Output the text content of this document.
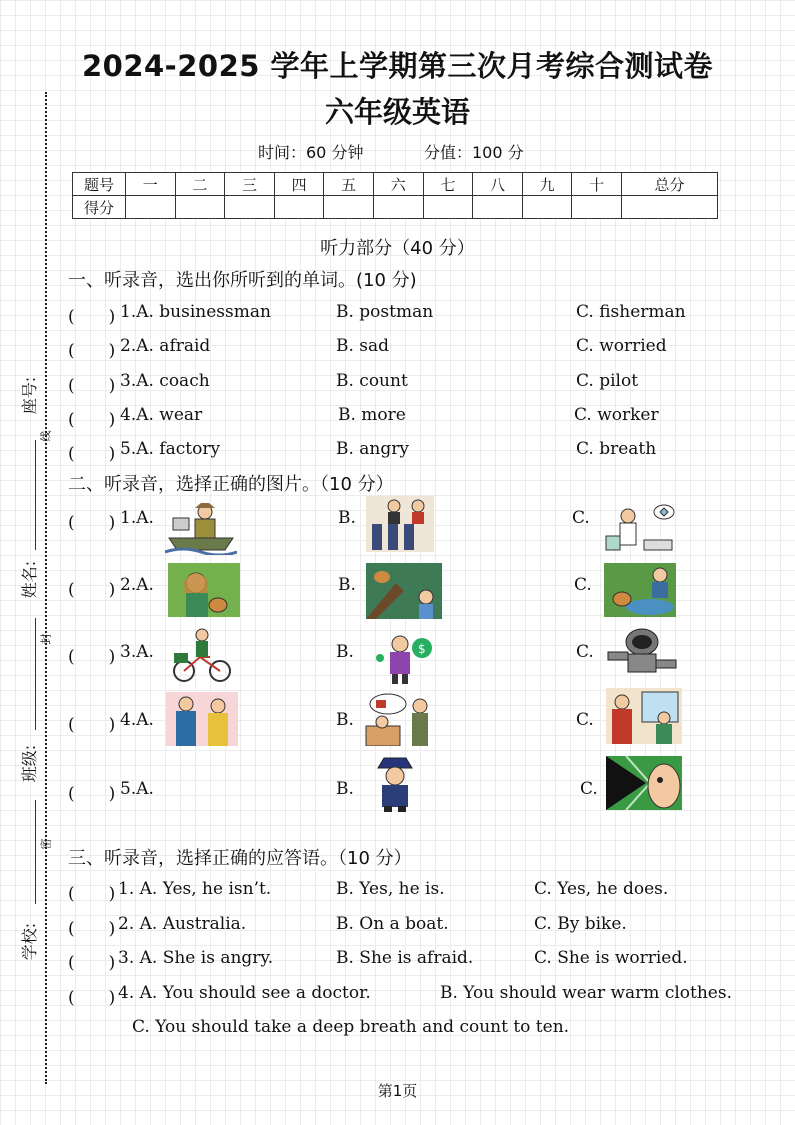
2024-2025 学年上学期第三次月考综合测试卷
六年级英语
时间：60 分钟	分值：100 分
题号	一	二	三	四	五	六	七	八	九	十	总分
得分											
听力部分（40 分）
一、听录音，选出你所听到的单词。(10 分)
(　　) 1.A. businessman	B. postman	C. fisherman
(　　) 2.A. afraid	B. sad	C. worried
(　　) 3.A. coach	B. count	C. pilot
(　　) 4.A. wear	B. more	C. worker
(　　) 5.A. factory	B. angry	C. breath
二、听录音，选择正确的图片。（10 分）
(　　) 1.A.	B.	C.
(　　) 2.A.	B.	C.
(　　) 3.A.	B.	$	C.
(　　) 4.A.	B.	C.
(　　) 5.A.	B.	C.
三、听录音，选择正确的应答语。（10 分）
(　　) 1. A. Yes, he isn’t.	B. Yes, he is.	C. Yes, he does.
(　　) 2. A. Australia.	B. On a boat.	C. By bike.
(　　) 3. A. She is angry.	B. She is afraid.	C. She is worried.
(　　) 4. A. You should see a doctor.	B. You should wear warm clothes.
C. You should take a deep breath and count to ten.
座号:
线
姓名:
封
班级:
密
学校:
第1页
